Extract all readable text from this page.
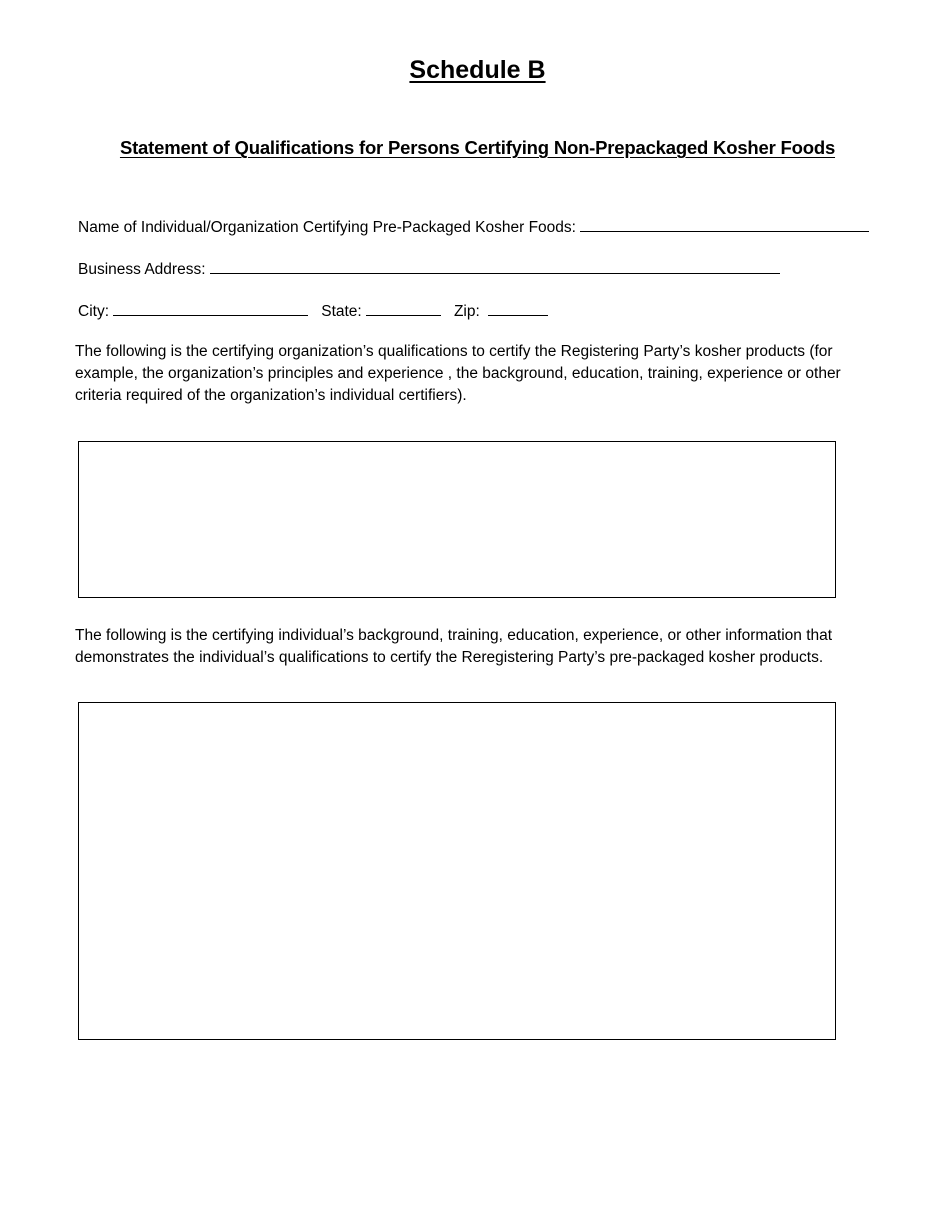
Schedule B
Statement of Qualifications for Persons Certifying Non-Prepackaged Kosher Foods
Name of Individual/Organization Certifying Pre-Packaged Kosher Foods:
Business Address:
City:	State:	Zip:

The following is the certifying organization’s qualifications to certify the Registering Party’s kosher products (for example, the organization’s principles and experience , the background, education, training, experience or other criteria required of the organization’s individual certifiers).

The following is the certifying individual’s background, training, education, experience, or other information that demonstrates the individual’s qualifications to certify the Reregistering Party’s pre-packaged kosher products.
